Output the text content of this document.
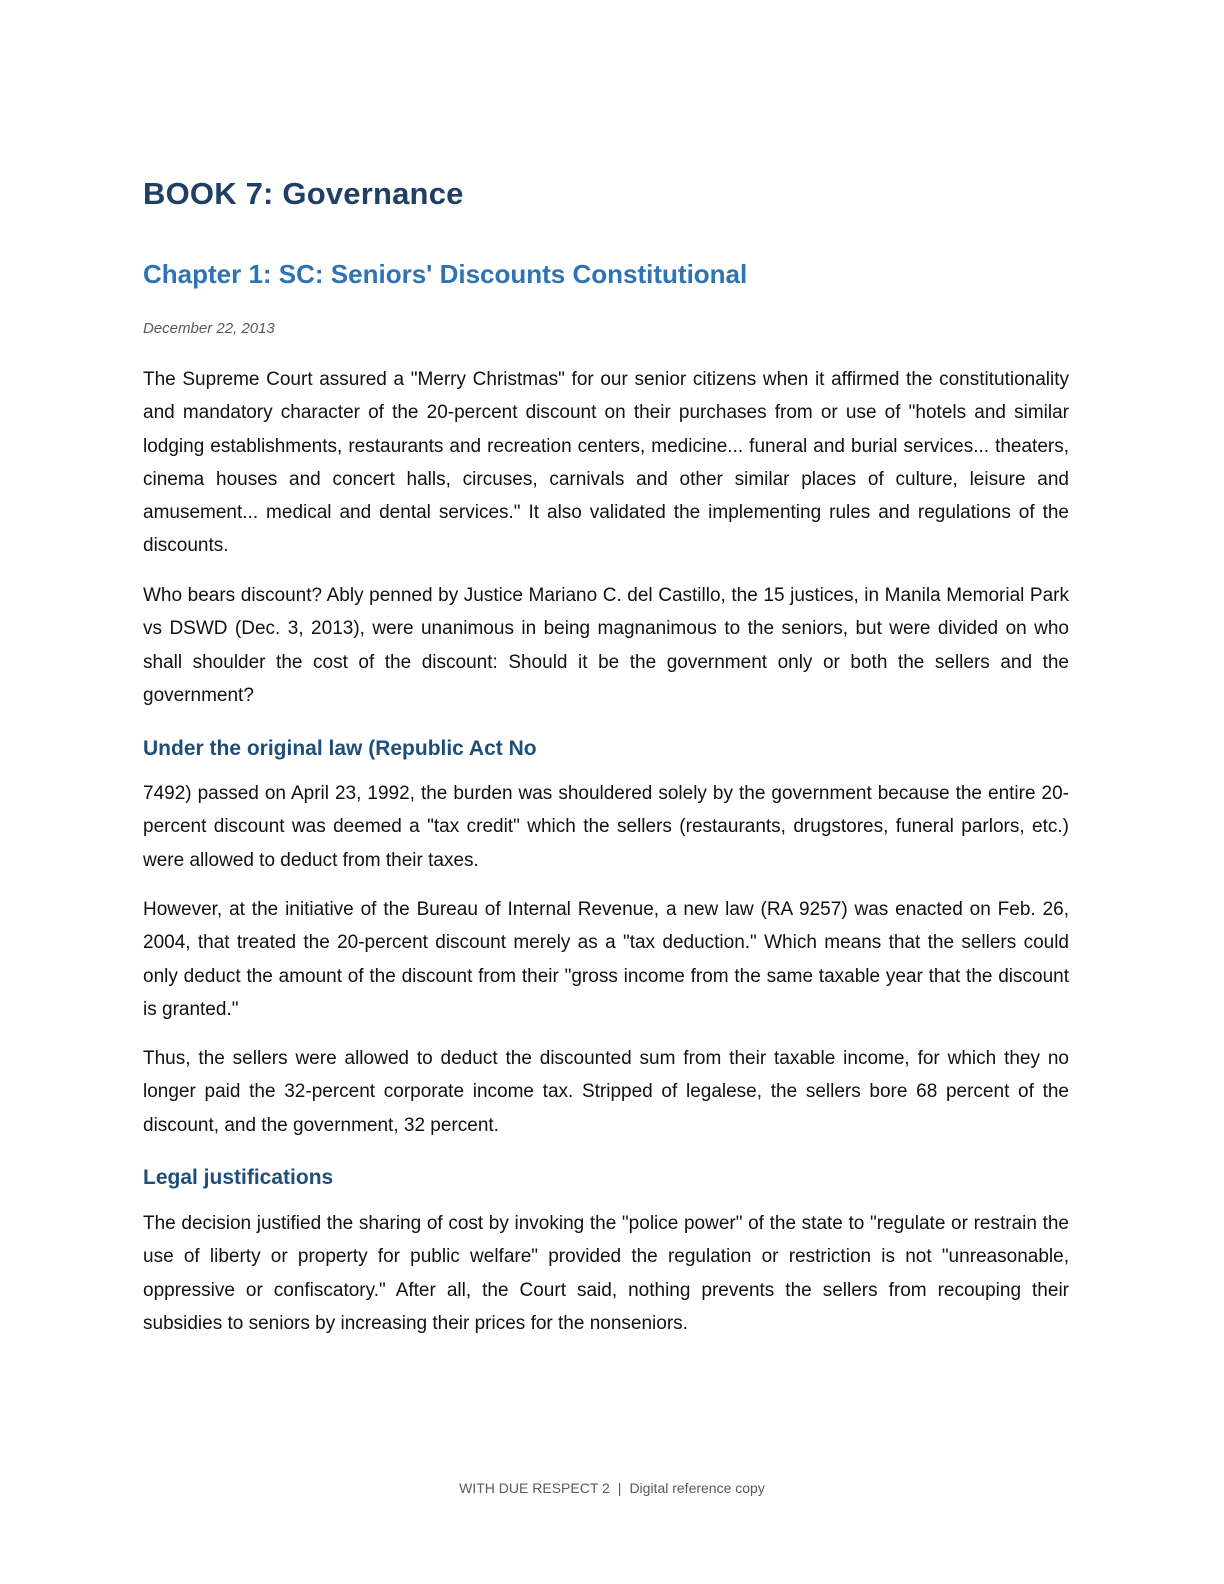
BOOK 7: Governance
Chapter 1: SC: Seniors' Discounts Constitutional

December 22, 2013

The Supreme Court assured a "Merry Christmas" for our senior citizens when it affirmed the constitutionality and mandatory character of the 20-percent discount on their purchases from or use of "hotels and similar lodging establishments, restaurants and recreation centers, medicine... funeral and burial services... theaters, cinema houses and concert halls, circuses, carnivals and other similar places of culture, leisure and amusement... medical and dental services." It also validated the implementing rules and regulations of the discounts.

Who bears discount? Ably penned by Justice Mariano C. del Castillo, the 15 justices, in Manila Memorial Park vs DSWD (Dec. 3, 2013), were unanimous in being magnanimous to the seniors, but were divided on who shall shoulder the cost of the discount: Should it be the government only or both the sellers and the government?

Under the original law (Republic Act No

7492) passed on April 23, 1992, the burden was shouldered solely by the government because the entire 20-percent discount was deemed a "tax credit" which the sellers (restaurants, drugstores, funeral parlors, etc.) were allowed to deduct from their taxes.

However, at the initiative of the Bureau of Internal Revenue, a new law (RA 9257) was enacted on Feb. 26, 2004, that treated the 20-percent discount merely as a "tax deduction." Which means that the sellers could only deduct the amount of the discount from their "gross income from the same taxable year that the discount is granted."

Thus, the sellers were allowed to deduct the discounted sum from their taxable income, for which they no longer paid the 32-percent corporate income tax. Stripped of legalese, the sellers bore 68 percent of the discount, and the government, 32 percent.

Legal justifications

The decision justified the sharing of cost by invoking the "police power" of the state to "regulate or restrain the use of liberty or property for public welfare" provided the regulation or restriction is not "unreasonable, oppressive or confiscatory." After all, the Court said, nothing prevents the sellers from recouping their subsidies to seniors by increasing their prices for the nonseniors.

WITH DUE RESPECT 2 | Digital reference copy
